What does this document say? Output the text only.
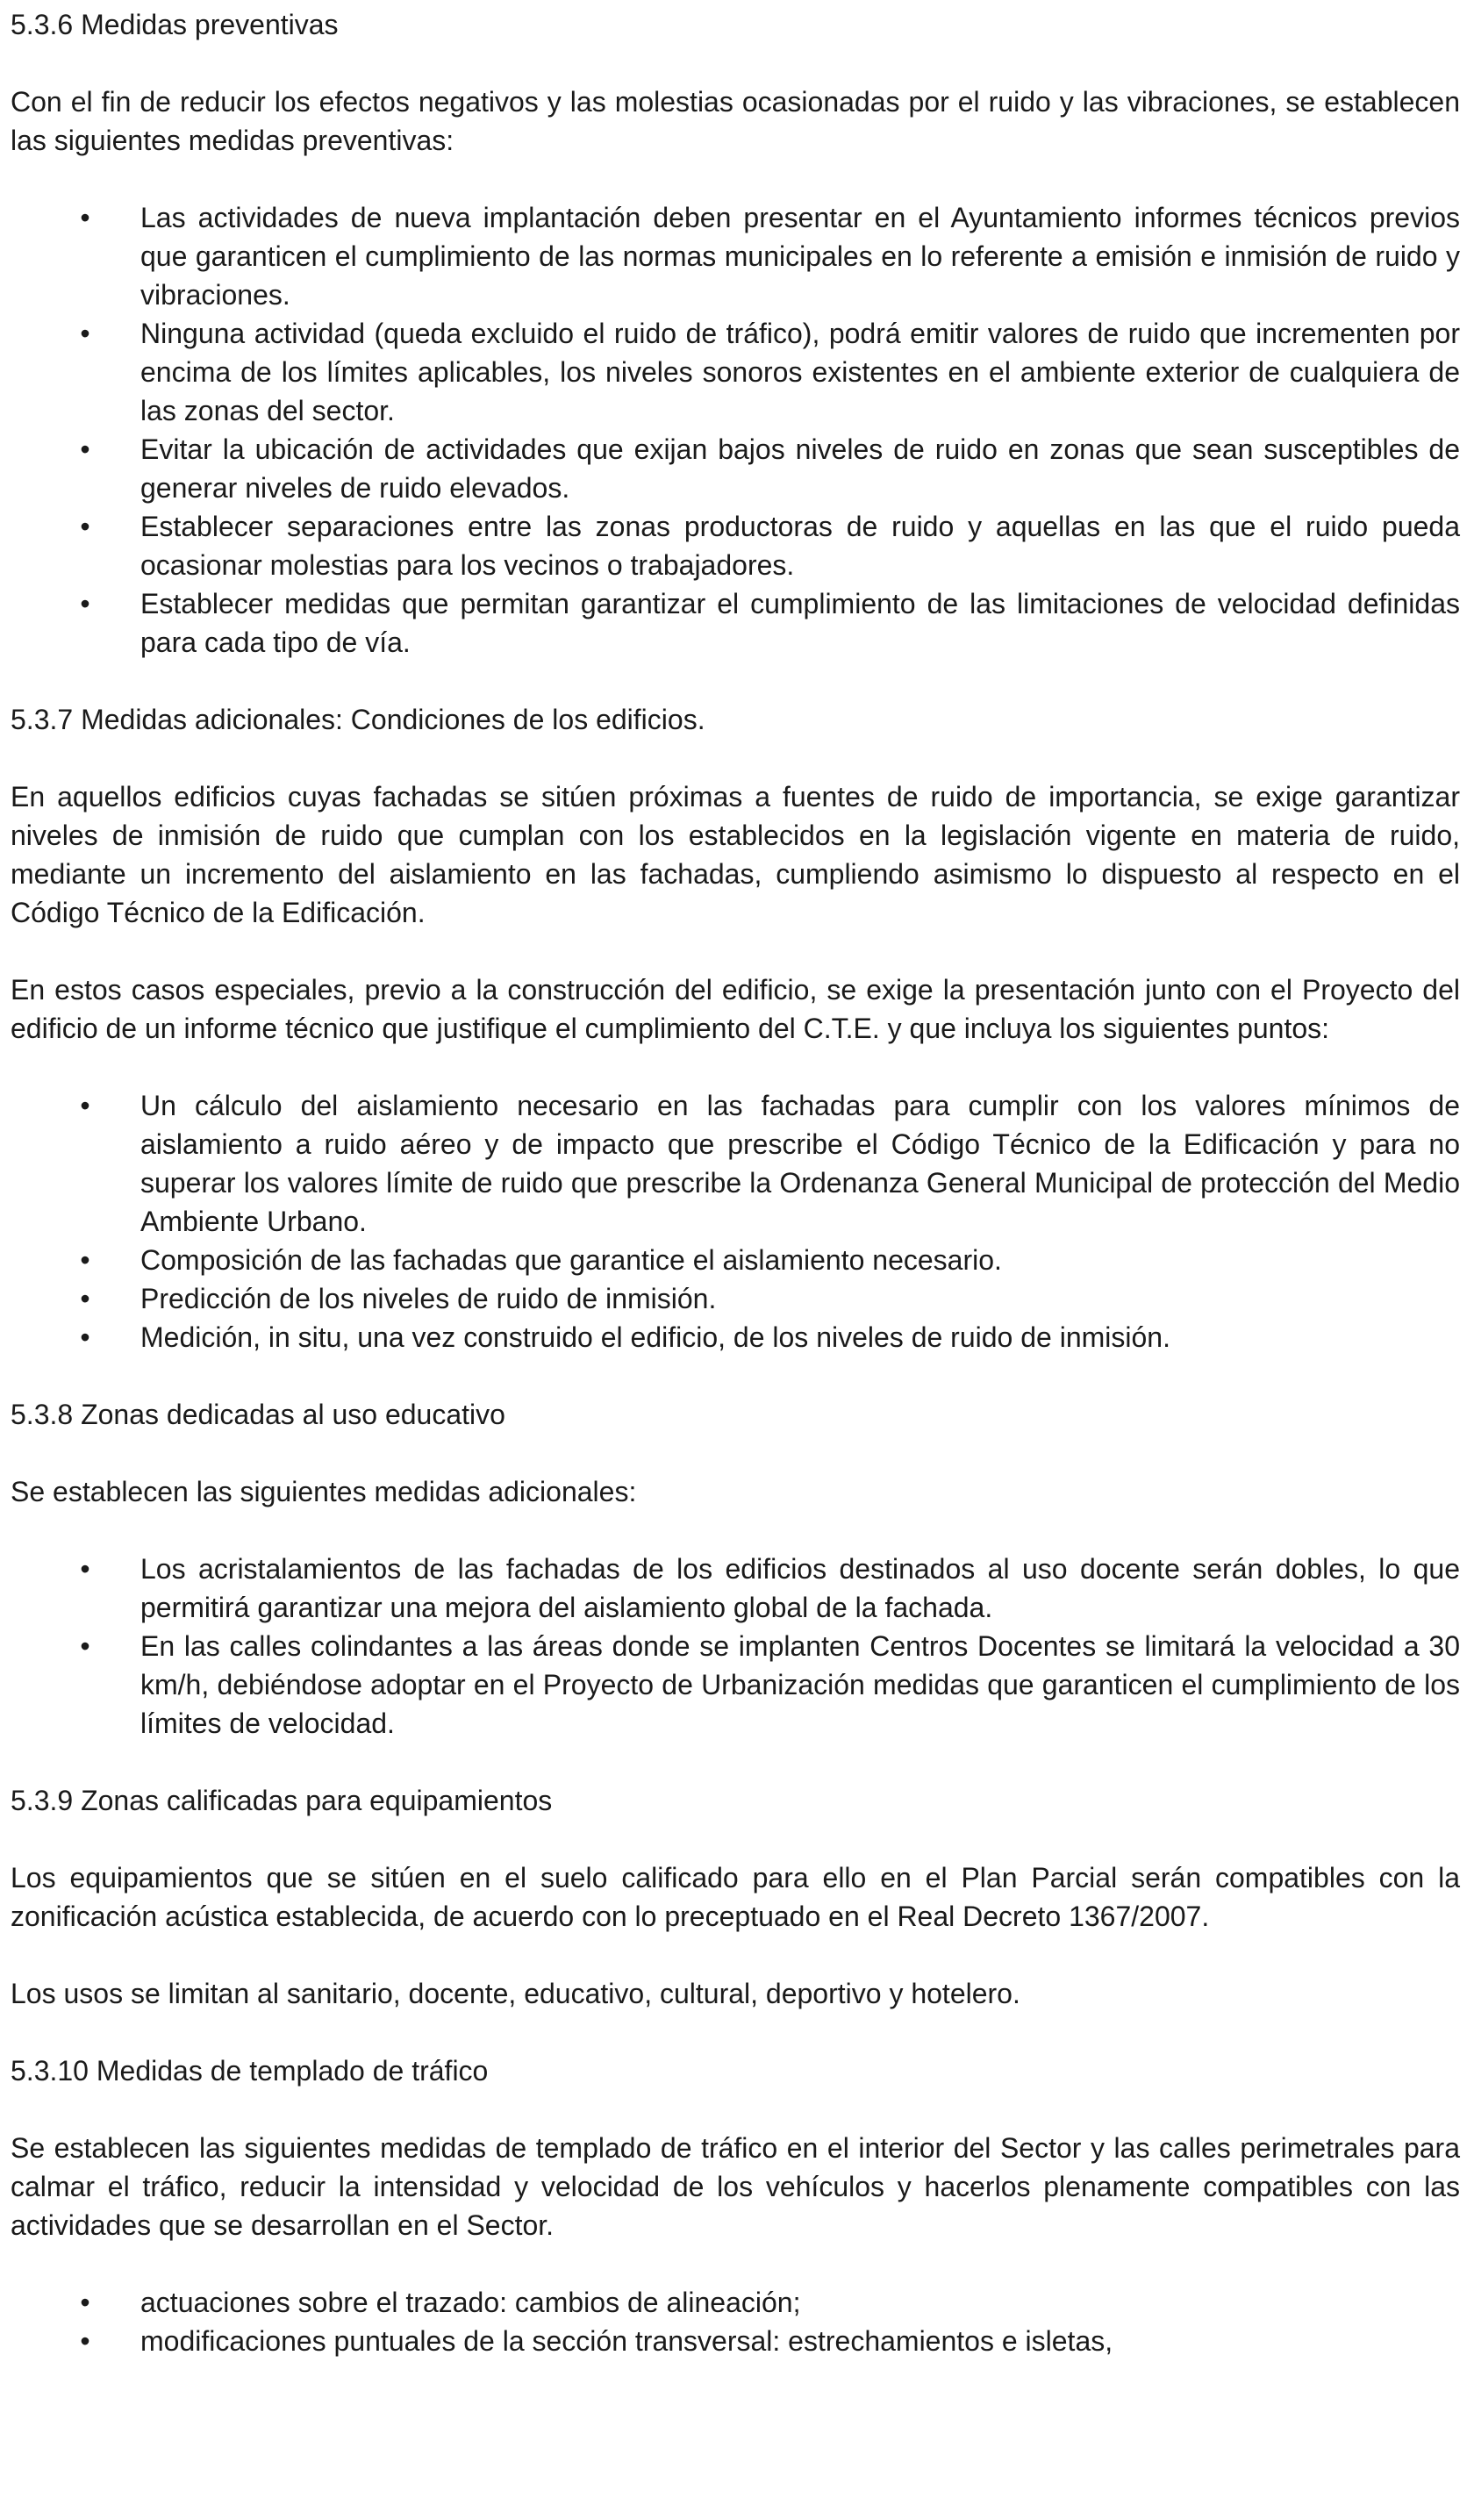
5.3.6 Medidas preventivas

Con el fin de reducir los efectos negativos y las molestias ocasionadas por el ruido y las vibraciones, se establecen las siguientes medidas preventivas:

• Las actividades de nueva implantación deben presentar en el Ayuntamiento informes técnicos previos que garanticen el cumplimiento de las normas municipales en lo referente a emisión e inmisión de ruido y vibraciones.
• Ninguna actividad (queda excluido el ruido de tráfico), podrá emitir valores de ruido que incrementen por encima de los límites aplicables, los niveles sonoros existentes en el ambiente exterior de cualquiera de las zonas del sector.
• Evitar la ubicación de actividades que exijan bajos niveles de ruido en zonas que sean susceptibles de generar niveles de ruido elevados.
• Establecer separaciones entre las zonas productoras de ruido y aquellas en las que el ruido pueda ocasionar molestias para los vecinos o trabajadores.
• Establecer medidas que permitan garantizar el cumplimiento de las limitaciones de velocidad definidas para cada tipo de vía.
5.3.7 Medidas adicionales: Condiciones de los edificios.

En aquellos edificios cuyas fachadas se sitúen próximas a fuentes de ruido de importancia, se exige garantizar niveles de inmisión de ruido que cumplan con los establecidos en la legislación vigente en materia de ruido, mediante un incremento del aislamiento en las fachadas, cumpliendo asimismo lo dispuesto al respecto en el Código Técnico de la Edificación.

En estos casos especiales, previo a la construcción del edificio, se exige la presentación junto con el Proyecto del edificio de un informe técnico que justifique el cumplimiento del C.T.E. y que incluya los siguientes puntos:

• Un cálculo del aislamiento necesario en las fachadas para cumplir con los valores mínimos de aislamiento a ruido aéreo y de impacto que prescribe el Código Técnico de la Edificación y para no superar los valores límite de ruido que prescribe la Ordenanza General Municipal de protección del Medio Ambiente Urbano.
• Composición de las fachadas que garantice el aislamiento necesario.
• Predicción de los niveles de ruido de inmisión.
• Medición, in situ, una vez construido el edificio, de los niveles de ruido de inmisión.
5.3.8 Zonas dedicadas al uso educativo

Se establecen las siguientes medidas adicionales:

• Los acristalamientos de las fachadas de los edificios destinados al uso docente serán dobles, lo que permitirá garantizar una mejora del aislamiento global de la fachada.
• En las calles colindantes a las áreas donde se implanten Centros Docentes se limitará la velocidad a 30 km/h, debiéndose adoptar en el Proyecto de Urbanización medidas que garanticen el cumplimiento de los límites de velocidad.
5.3.9 Zonas calificadas para equipamientos

Los equipamientos que se sitúen en el suelo calificado para ello en el Plan Parcial serán compatibles con la zonificación acústica establecida, de acuerdo con lo preceptuado en el Real Decreto 1367/2007.

Los usos se limitan al sanitario, docente, educativo, cultural, deportivo y hotelero.

5.3.10 Medidas de templado de tráfico

Se establecen las siguientes medidas de templado de tráfico en el interior del Sector y las calles perimetrales para calmar el tráfico, reducir la intensidad y velocidad de los vehículos y hacerlos plenamente compatibles con las actividades que se desarrollan en el Sector.

• actuaciones sobre el trazado: cambios de alineación;
• modificaciones puntuales de la sección transversal: estrechamientos e isletas,
